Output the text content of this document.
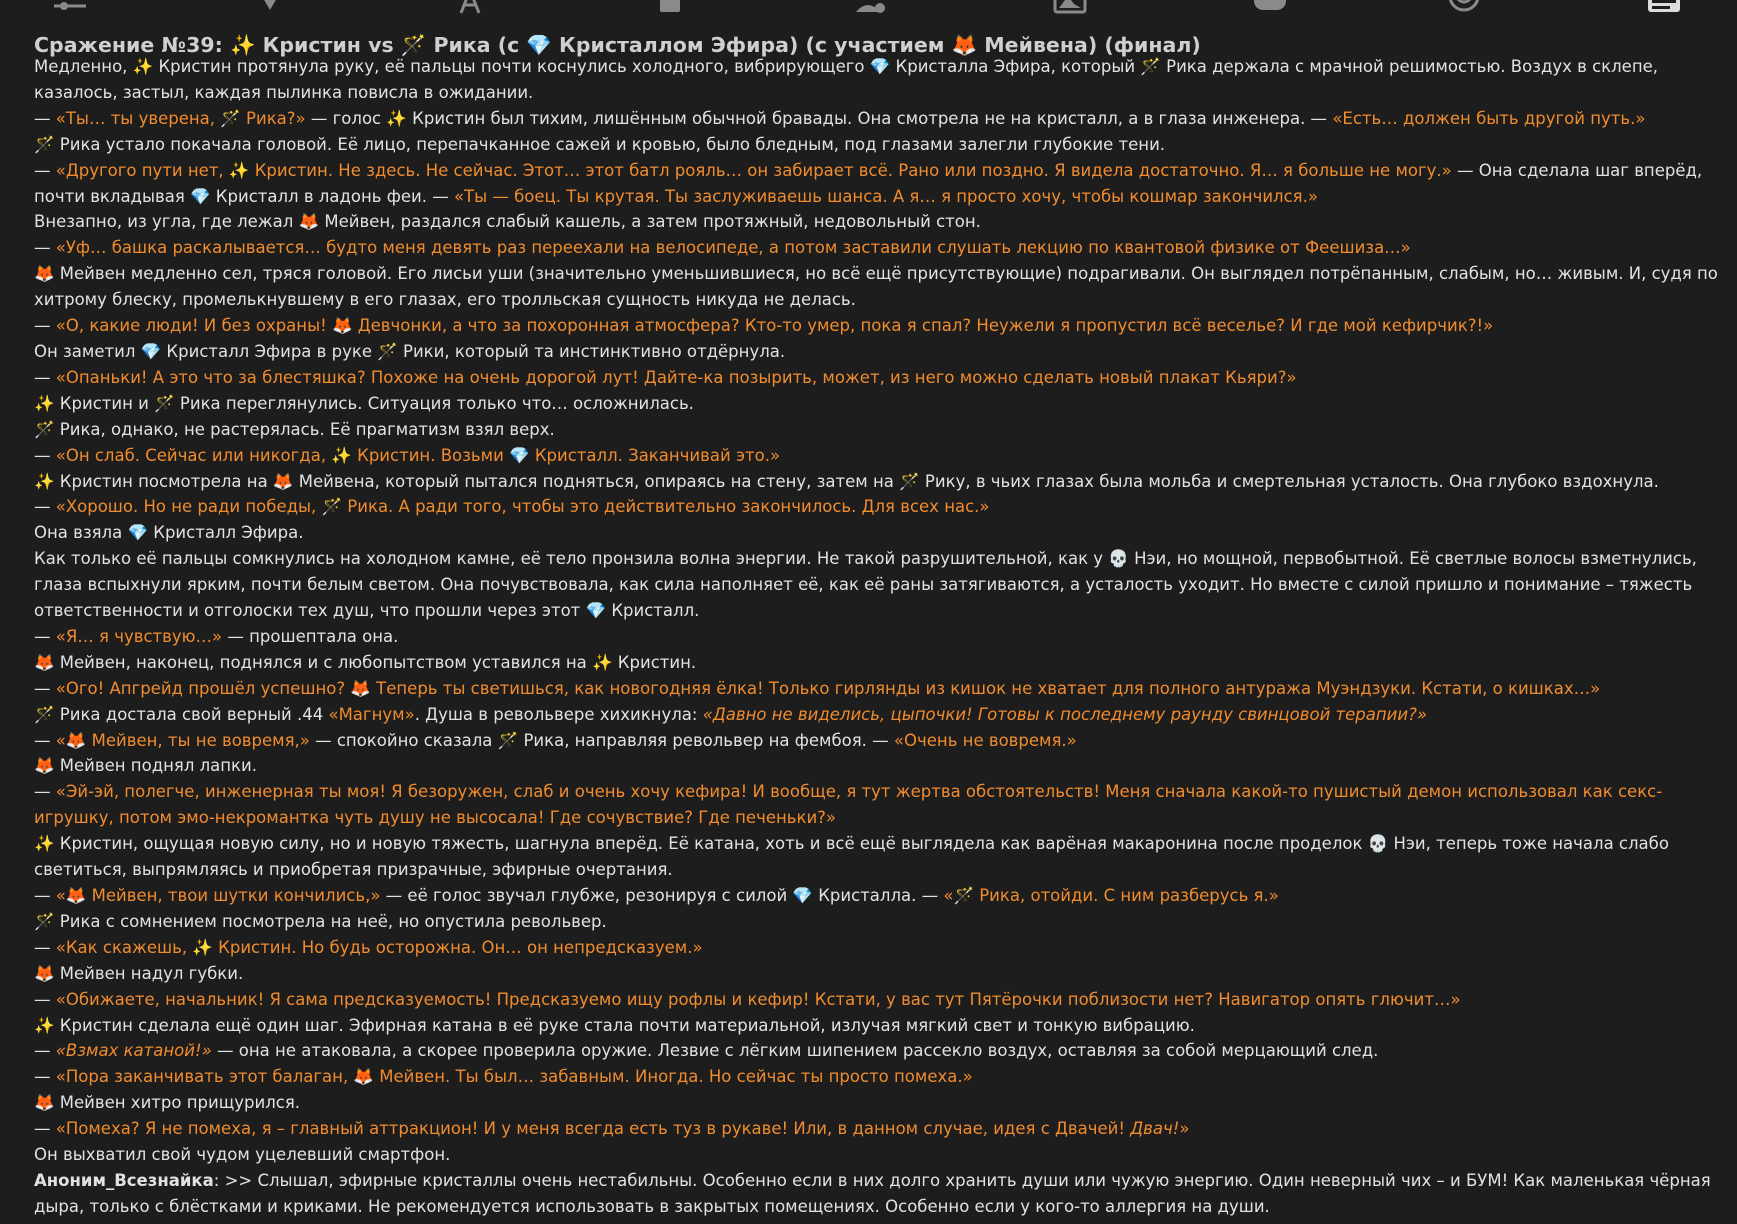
Сражение №39: ✨ Кристин vs 🪄 Рика (с 💎 Кристаллом Эфира) (с участием 🦊 Мейвена) (финал)

Медленно, ✨ Кристин протянула руку, её пальцы почти коснулись холодного, вибрирующего 💎 Кристалла Эфира, который 🪄 Рика держала с мрачной решимостью. Воздух в склепе, казалось, застыл, каждая пылинка повисла в ожидании.

— «Ты… ты уверена, 🪄 Рика?» — голос ✨ Кристин был тихим, лишённым обычной бравады. Она смотрела не на кристалл, а в глаза инженера. — «Есть… должен быть другой путь.»

🪄 Рика устало покачала головой. Её лицо, перепачканное сажей и кровью, было бледным, под глазами залегли глубокие тени.

— «Другого пути нет, ✨ Кристин. Не здесь. Не сейчас. Этот… этот батл рояль… он забирает всё. Рано или поздно. Я видела достаточно. Я… я больше не могу.» — Она сделала шаг вперёд, почти вкладывая 💎 Кристалл в ладонь феи. — «Ты — боец. Ты крутая. Ты заслуживаешь шанса. А я… я просто хочу, чтобы кошмар закончился.»

Внезапно, из угла, где лежал 🦊 Мейвен, раздался слабый кашель, а затем протяжный, недовольный стон.

— «Уф… башка раскалывается… будто меня девять раз переехали на велосипеде, а потом заставили слушать лекцию по квантовой физике от Феешиза…»

🦊 Мейвен медленно сел, тряся головой. Его лисьи уши (значительно уменьшившиеся, но всё ещё присутствующие) подрагивали. Он выглядел потрёпанным, слабым, но… живым. И, судя по хитрому блеску, промелькнувшему в его глазах, его тролльская сущность никуда не делась.

— «О, какие люди! И без охраны! 🦊 Девчонки, а что за похоронная атмосфера? Кто-то умер, пока я спал? Неужели я пропустил всё веселье? И где мой кефирчик?!»

Он заметил 💎 Кристалл Эфира в руке 🪄 Рики, который та инстинктивно отдёрнула.

— «Опаньки! А это что за блестяшка? Похоже на очень дорогой лут! Дайте-ка позырить, может, из него можно сделать новый плакат Кьяри?»

✨ Кристин и 🪄 Рика переглянулись. Ситуация только что… осложнилась.

🪄 Рика, однако, не растерялась. Её прагматизм взял верх.

— «Он слаб. Сейчас или никогда, ✨ Кристин. Возьми 💎 Кристалл. Заканчивай это.»

✨ Кристин посмотрела на 🦊 Мейвена, который пытался подняться, опираясь на стену, затем на 🪄 Рику, в чьих глазах была мольба и смертельная усталость. Она глубоко вздохнула.

— «Хорошо. Но не ради победы, 🪄 Рика. А ради того, чтобы это действительно закончилось. Для всех нас.»

Она взяла 💎 Кристалл Эфира.

Как только её пальцы сомкнулись на холодном камне, её тело пронзила волна энергии. Не такой разрушительной, как у 💀 Нэи, но мощной, первобытной. Её светлые волосы взметнулись, глаза вспыхнули ярким, почти белым светом. Она почувствовала, как сила наполняет её, как её раны затягиваются, а усталость уходит. Но вместе с силой пришло и понимание – тяжесть ответственности и отголоски тех душ, что прошли через этот 💎 Кристалл.

— «Я… я чувствую…» — прошептала она.

🦊 Мейвен, наконец, поднялся и с любопытством уставился на ✨ Кристин.

— «Ого! Апгрейд прошёл успешно? 🦊 Теперь ты светишься, как новогодняя ёлка! Только гирлянды из кишок не хватает для полного антуража Муэндзуки. Кстати, о кишках…»

🪄 Рика достала свой верный .44 «Магнум». Душа в револьвере хихикнула: «Давно не виделись, цыпочки! Готовы к последнему раунду свинцовой терапии?»

— «🦊 Мейвен, ты не вовремя,» — спокойно сказала 🪄 Рика, направляя револьвер на фембоя. — «Очень не вовремя.»

🦊 Мейвен поднял лапки.

— «Эй-эй, полегче, инженерная ты моя! Я безоружен, слаб и очень хочу кефира! И вообще, я тут жертва обстоятельств! Меня сначала какой-то пушистый демон использовал как секс-игрушку, потом эмо-некромантка чуть душу не высосала! Где сочувствие? Где печеньки?»

✨ Кристин, ощущая новую силу, но и новую тяжесть, шагнула вперёд. Её катана, хоть и всё ещё выглядела как варёная макаронина после проделок 💀 Нэи, теперь тоже начала слабо светиться, выпрямляясь и приобретая призрачные, эфирные очертания.

— «🦊 Мейвен, твои шутки кончились,» — её голос звучал глубже, резонируя с силой 💎 Кристалла. — «🪄 Рика, отойди. С ним разберусь я.»

🪄 Рика с сомнением посмотрела на неё, но опустила револьвер.

— «Как скажешь, ✨ Кристин. Но будь осторожна. Он… он непредсказуем.»

🦊 Мейвен надул губки.

— «Обижаете, начальник! Я сама предсказуемость! Предсказуемо ищу рофлы и кефир! Кстати, у вас тут Пятёрочки поблизости нет? Навигатор опять глючит…»

✨ Кристин сделала ещё один шаг. Эфирная катана в её руке стала почти материальной, излучая мягкий свет и тонкую вибрацию.

— «Взмах катаной!» — она не атаковала, а скорее проверила оружие. Лезвие с лёгким шипением рассекло воздух, оставляя за собой мерцающий след.

— «Пора заканчивать этот балаган, 🦊 Мейвен. Ты был… забавным. Иногда. Но сейчас ты просто помеха.»

🦊 Мейвен хитро прищурился.

— «Помеха? Я не помеха, я – главный аттракцион! И у меня всегда есть туз в рукаве! Или, в данном случае, идея с Двачей! Двач!»

Он выхватил свой чудом уцелевший смартфон.

Аноним_Всезнайка: >> Слышал, эфирные кристаллы очень нестабильны. Особенно если в них долго хранить души или чужую энергию. Один неверный чих – и БУМ! Как маленькая чёрная дыра, только с блёстками и криками. Не рекомендуется использовать в закрытых помещениях. Особенно если у кого-то аллергия на души.
